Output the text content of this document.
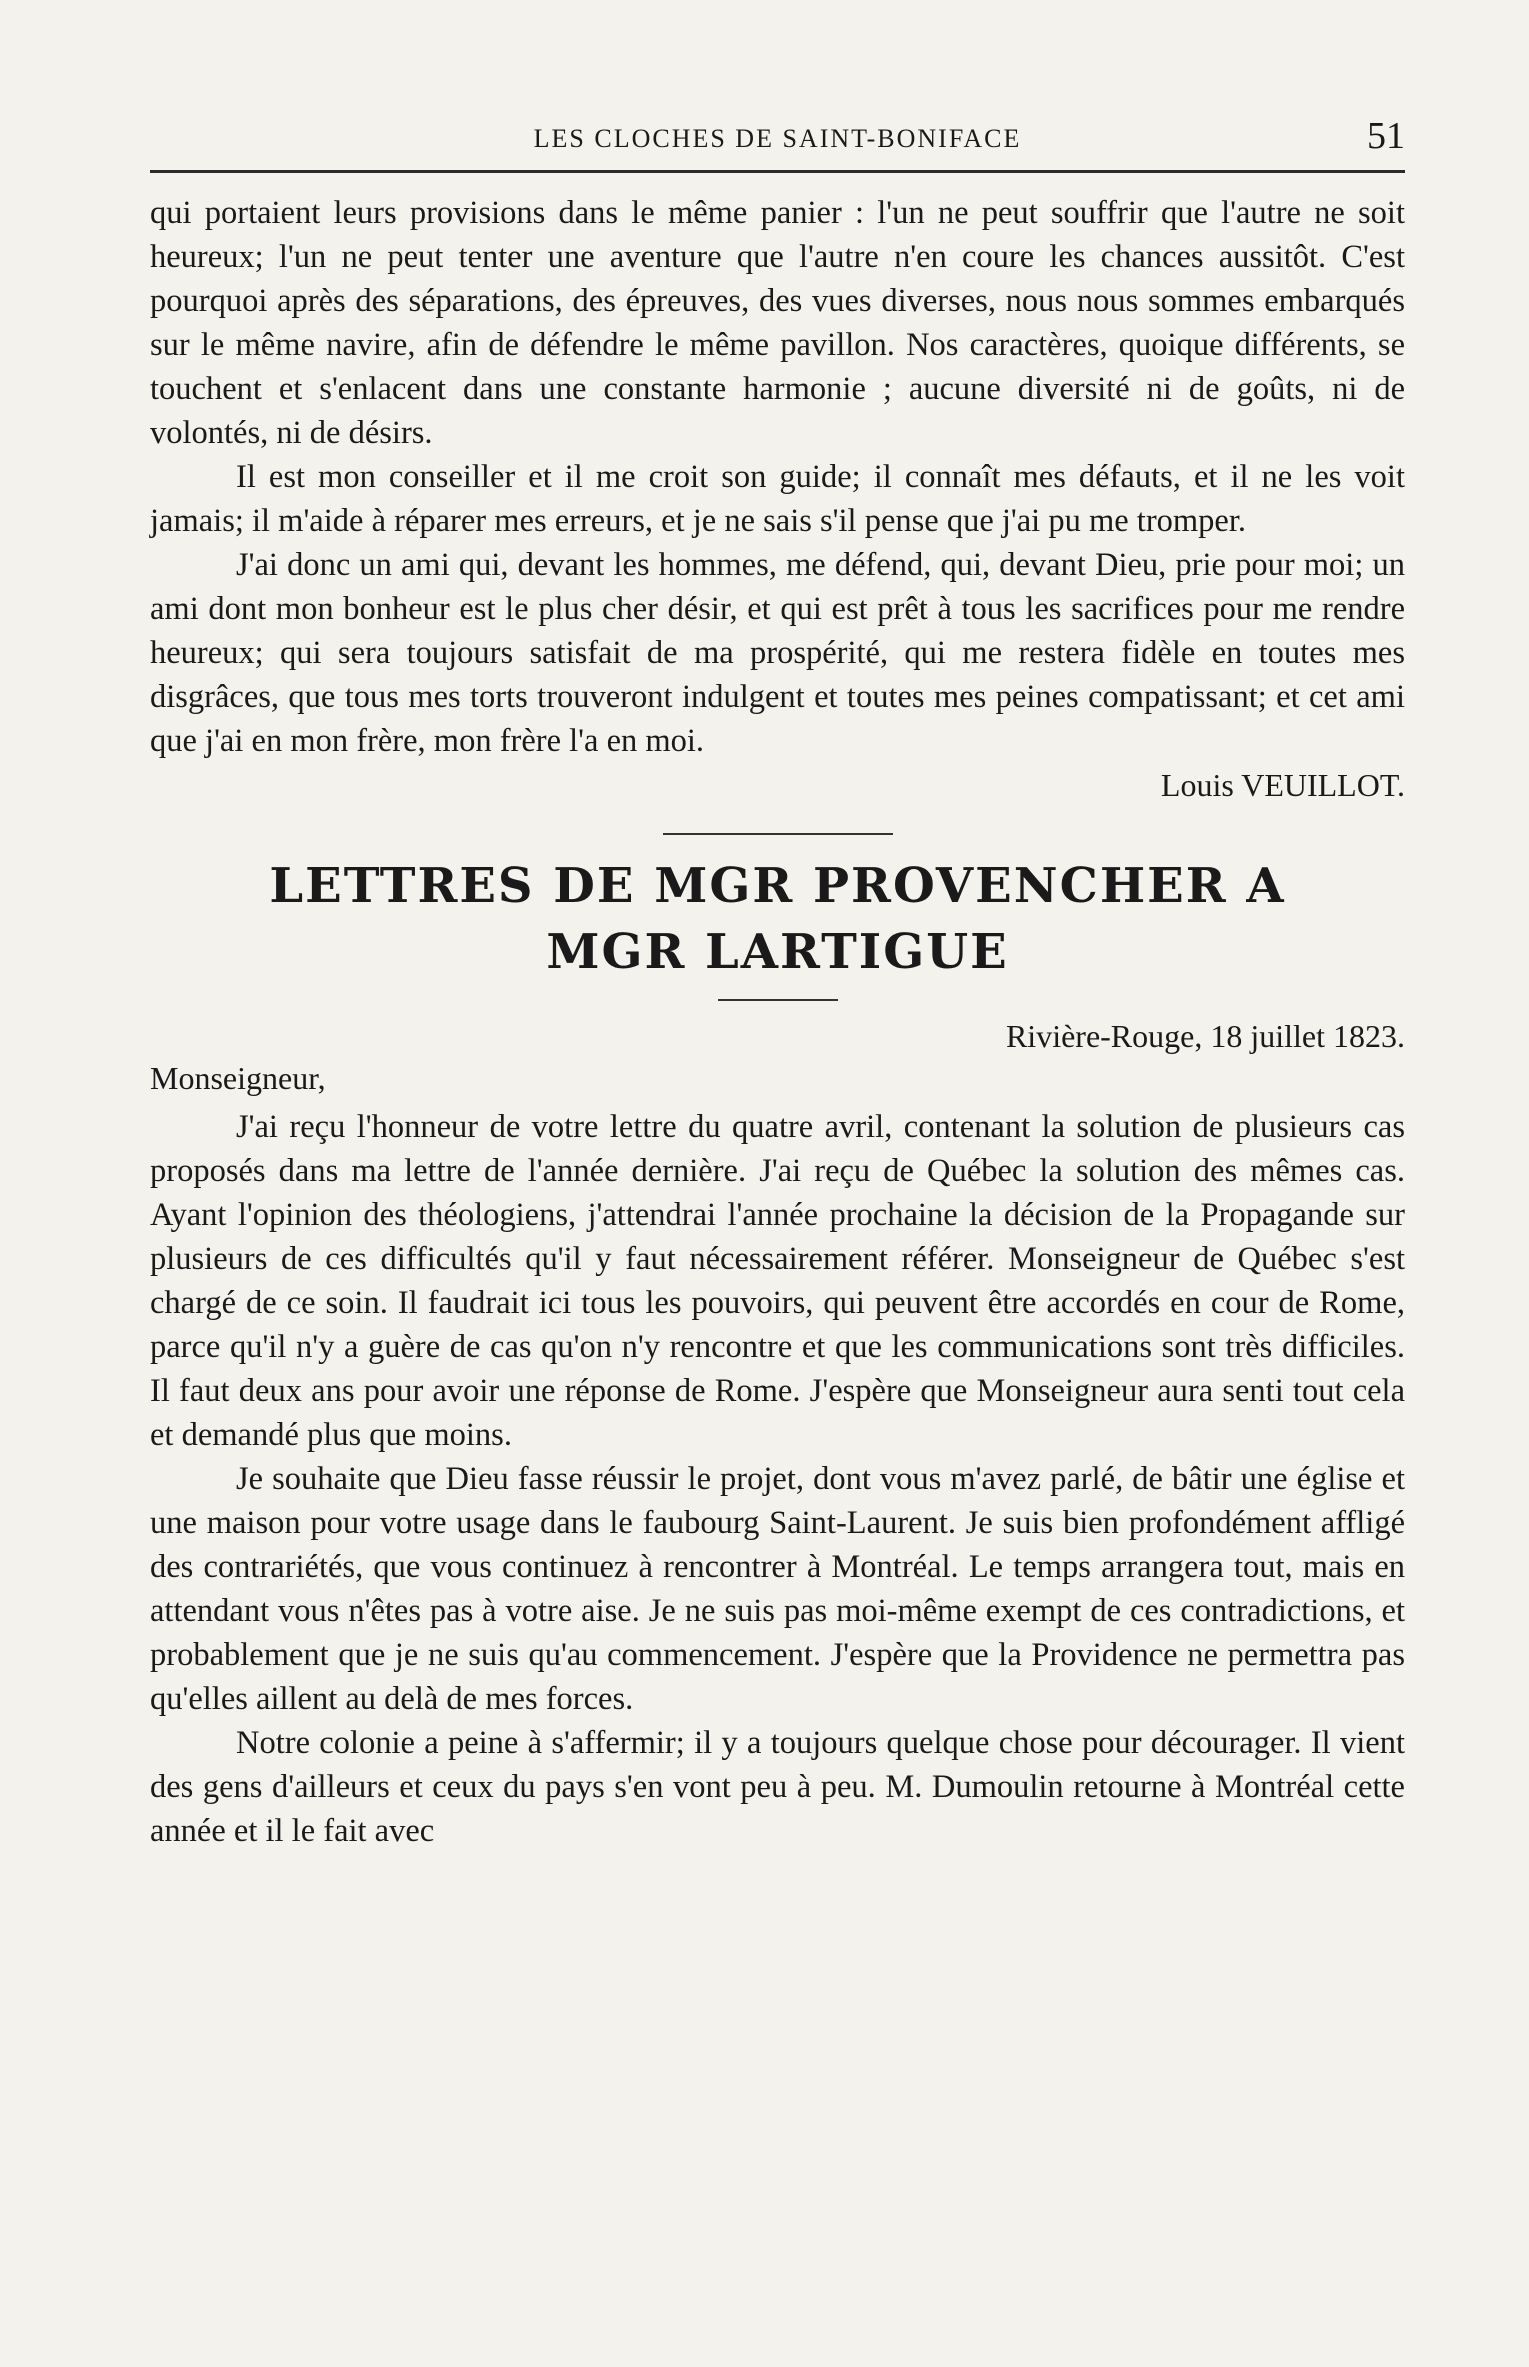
LES CLOCHES DE SAINT-BONIFACE	51

qui portaient leurs provisions dans le même panier : l'un ne peut souffrir que l'autre ne soit heureux; l'un ne peut tenter une aventure que l'autre n'en coure les chances aussitôt. C'est pourquoi après des séparations, des épreuves, des vues diverses, nous nous sommes embarqués sur le même navire, afin de défendre le même pavillon. Nos caractères, quoique différents, se touchent et s'enlacent dans une constante harmonie ; aucune diversité ni de goûts, ni de volontés, ni de désirs.

Il est mon conseiller et il me croit son guide; il connaît mes défauts, et il ne les voit jamais; il m'aide à réparer mes erreurs, et je ne sais s'il pense que j'ai pu me tromper.

J'ai donc un ami qui, devant les hommes, me défend, qui, devant Dieu, prie pour moi; un ami dont mon bonheur est le plus cher désir, et qui est prêt à tous les sacrifices pour me rendre heureux; qui sera toujours satisfait de ma prospérité, qui me restera fidèle en toutes mes disgrâces, que tous mes torts trouveront indulgent et toutes mes peines compatissant; et cet ami que j'ai en mon frère, mon frère l'a en moi.

Louis VEUILLOT.
LETTRES DE MGR PROVENCHER A
MGR LARTIGUE
Rivière-Rouge, 18 juillet 1823.
Monseigneur,

J'ai reçu l'honneur de votre lettre du quatre avril, contenant la solution de plusieurs cas proposés dans ma lettre de l'année dernière. J'ai reçu de Québec la solution des mêmes cas. Ayant l'opinion des théologiens, j'attendrai l'année prochaine la décision de la Propagande sur plusieurs de ces difficultés qu'il y faut nécessairement référer. Monseigneur de Québec s'est chargé de ce soin. Il faudrait ici tous les pouvoirs, qui peuvent être accordés en cour de Rome, parce qu'il n'y a guère de cas qu'on n'y rencontre et que les communications sont très difficiles. Il faut deux ans pour avoir une réponse de Rome. J'espère que Monseigneur aura senti tout cela et demandé plus que moins.

Je souhaite que Dieu fasse réussir le projet, dont vous m'avez parlé, de bâtir une église et une maison pour votre usage dans le faubourg Saint-Laurent. Je suis bien profondément affligé des contrariétés, que vous continuez à rencontrer à Montréal. Le temps arrangera tout, mais en attendant vous n'êtes pas à votre aise. Je ne suis pas moi-même exempt de ces contradictions, et probablement que je ne suis qu'au commencement. J'espère que la Providence ne permettra pas qu'elles aillent au delà de mes forces.

Notre colonie a peine à s'affermir; il y a toujours quelque chose pour décourager. Il vient des gens d'ailleurs et ceux du pays s'en vont peu à peu. M. Dumoulin retourne à Montréal cette année et il le fait avec
